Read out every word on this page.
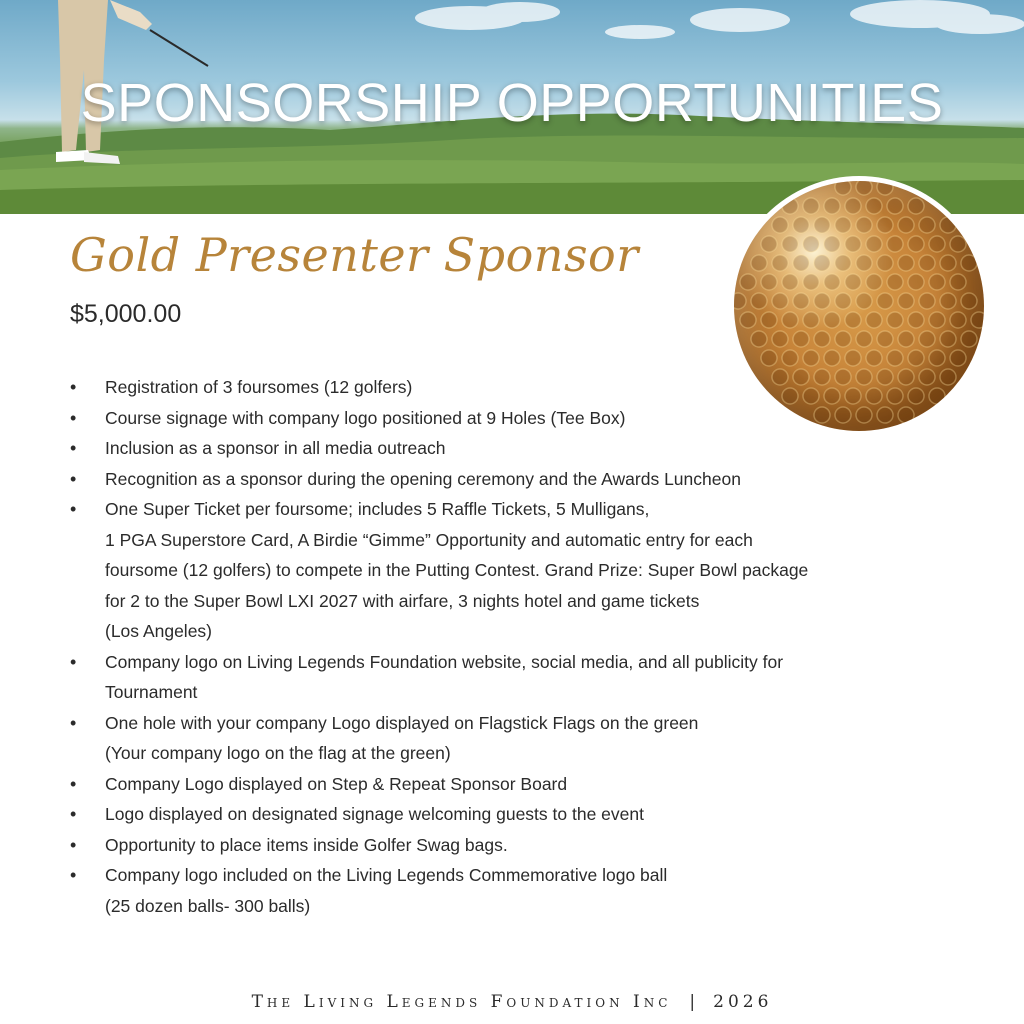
SPONSORSHIP OPPORTUNITIES
Gold Presenter Sponsor
$5,000.00
• Registration of 3 foursomes (12 golfers)
• Course signage with company logo positioned at 9 Holes (Tee Box)
• Inclusion as a sponsor in all media outreach
• Recognition as a sponsor during the opening ceremony and the Awards Luncheon
• One Super Ticket per foursome; includes 5 Raffle Tickets, 5 Mulligans,
1 PGA Superstore Card, A Birdie “Gimme” Opportunity and automatic entry for each
foursome (12 golfers) to compete in the Putting Contest. Grand Prize: Super Bowl package
for 2 to the Super Bowl LXI 2027 with airfare, 3 nights hotel and game tickets
(Los Angeles)
• Company logo on Living Legends Foundation website, social media, and all publicity for
Tournament
• One hole with your company Logo displayed on Flagstick Flags on the green
(Your company logo on the flag at the green)
• Company Logo displayed on Step & Repeat Sponsor Board
• Logo displayed on designated signage welcoming guests to the event
• Opportunity to place items inside Golfer Swag bags.
• Company logo included on the Living Legends Commemorative logo ball
(25 dozen balls- 300 balls)
The Living Legends Foundation Inc | 2026
